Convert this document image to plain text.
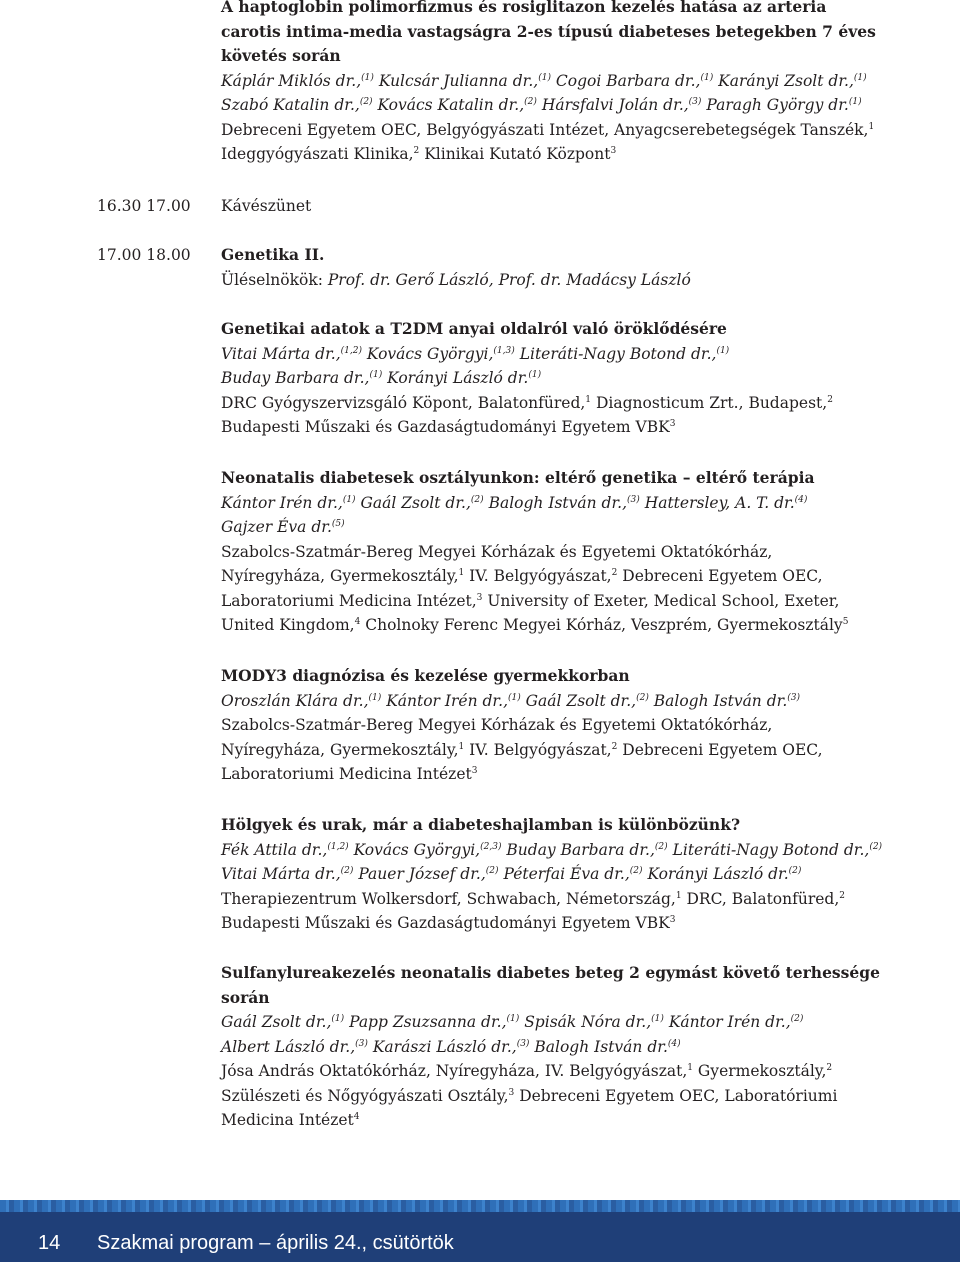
A haptoglobin polimorfizmus és rosiglitazon kezelés hatása az arteria
carotis intima-media vastagságra 2-es típusú diabeteses betegekben 7 éves
követés során
Káplár Miklós dr.,$^{(1)}$ Kulcsár Julianna dr.,$^{(1)}$ Cogoi Barbara dr.,$^{(1)}$ Karányi Zsolt dr.,$^{(1)}$
Szabó Katalin dr.,$^{(2)}$ Kovács Katalin dr.,$^{(2)}$ Hársfalvi Jolán dr.,$^{(3)}$ Paragh György dr.$^{(1)}$
Debreceni Egyetem OEC, Belgyógyászati Intézet, Anyagcserebetegségek Tanszék,$^1$
Ideggyógyászati Klinika,$^2$ Klinikai Kutató Központ$^3$
16.30 17.00 Kávészünet
17.00 18.00 Genetika II.
Üléselnökök: Prof. dr. Gerő László, Prof. dr. Madácsy László
Genetikai adatok a T2DM anyai oldalról való öröklődésére
Vitai Márta dr.,$^{(1,2)}$ Kovács Györgyi,$^{(1,3)}$ Literáti-Nagy Botond dr.,$^{(1)}$
Buday Barbara dr.,$^{(1)}$ Korányi László dr.$^{(1)}$
DRC Gyógyszervizsgáló Köpont, Balatonfüred,$^1$ Diagnosticum Zrt., Budapest,$^2$
Budapesti Műszaki és Gazdaságtudományi Egyetem VBK$^3$
Neonatalis diabetesek osztályunkon: eltérő genetika – eltérő terápia
Kántor Irén dr.,$^{(1)}$ Gaál Zsolt dr.,$^{(2)}$ Balogh István dr.,$^{(3)}$ Hattersley, A. T. dr.$^{(4)}$
Gajzer Éva dr.$^{(5)}$
Szabolcs-Szatmár-Bereg Megyei Kórházak és Egyetemi Oktatókórház,
Nyíregyháza, Gyermekosztály,$^1$ IV. Belgyógyászat,$^2$ Debreceni Egyetem OEC,
Laboratoriumi Medicina Intézet,$^3$ University of Exeter, Medical School, Exeter,
United Kingdom,$^4$ Cholnoky Ferenc Megyei Kórház, Veszprém, Gyermekosztály$^5$
MODY3 diagnózisa és kezelése gyermekkorban
Oroszlán Klára dr.,$^{(1)}$ Kántor Irén dr.,$^{(1)}$ Gaál Zsolt dr.,$^{(2)}$ Balogh István dr.$^{(3)}$
Szabolcs-Szatmár-Bereg Megyei Kórházak és Egyetemi Oktatókórház,
Nyíregyháza, Gyermekosztály,$^1$ IV. Belgyógyászat,$^2$ Debreceni Egyetem OEC,
Laboratoriumi Medicina Intézet$^3$
Hölgyek és urak, már a diabeteshajlamban is különbözünk?
Fék Attila dr.,$^{(1,2)}$ Kovács Györgyi,$^{(2,3)}$ Buday Barbara dr.,$^{(2)}$ Literáti-Nagy Botond dr.,$^{(2)}$
Vitai Márta dr.,$^{(2)}$ Pauer József dr.,$^{(2)}$ Péterfai Éva dr.,$^{(2)}$ Korányi László dr.$^{(2)}$
Therapiezentrum Wolkersdorf, Schwabach, Németország,$^1$ DRC, Balatonfüred,$^2$
Budapesti Műszaki és Gazdaságtudományi Egyetem VBK$^3$
Sulfanylureakezelés neonatalis diabetes beteg 2 egymást követő terhessége
során
Gaál Zsolt dr.,$^{(1)}$ Papp Zsuzsanna dr.,$^{(1)}$ Spisák Nóra dr.,$^{(1)}$ Kántor Irén dr.,$^{(2)}$
Albert László dr.,$^{(3)}$ Karászi László dr.,$^{(3)}$ Balogh István dr.$^{(4)}$
Jósa András Oktatókórház, Nyíregyháza, IV. Belgyógyászat,$^1$ Gyermekosztály,$^2$
Szülészeti és Nőgyógyászati Osztály,$^3$ Debreceni Egyetem OEC, Laboratóriumi
Medicina Intézet$^4$
14 Szakmai program – április 24., csütörtök
